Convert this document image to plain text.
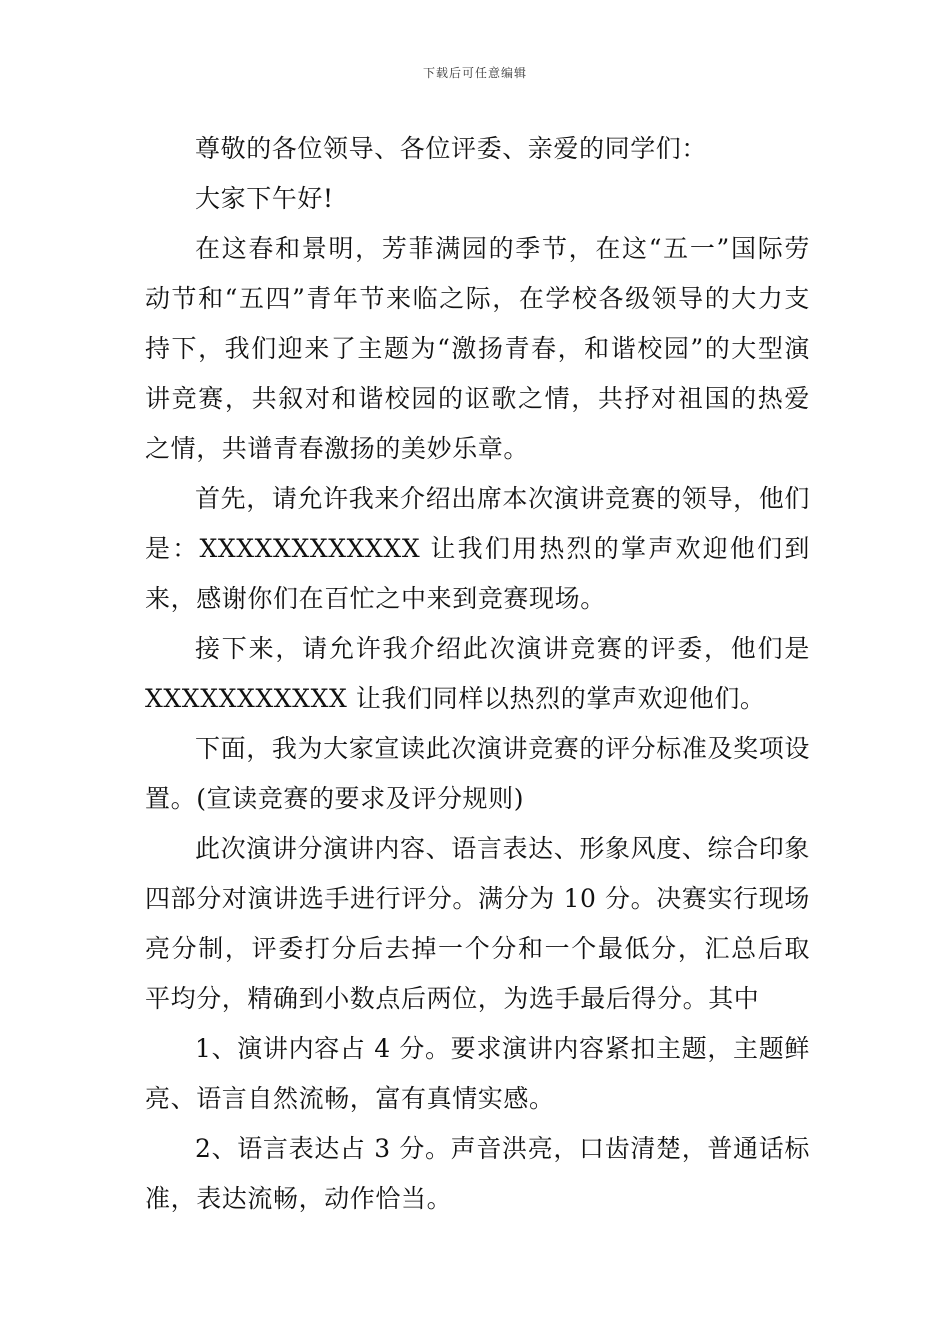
下载后可任意编辑

尊敬的各位领导、各位评委、亲爱的同学们：

大家下午好!

在这春和景明，芳菲满园的季节，在这“五一”国际劳动节和“五四”青年节来临之际，在学校各级领导的大力支持下，我们迎来了主题为“激扬青春，和谐校园”的大型演讲竞赛，共叙对和谐校园的讴歌之情，共抒对祖国的热爱之情，共谱青春激扬的美妙乐章。

首先，请允许我来介绍出席本次演讲竞赛的领导，他们是：XXXXXXXXXXXX 让我们用热烈的掌声欢迎他们到来，感谢你们在百忙之中来到竞赛现场。

接下来，请允许我介绍此次演讲竞赛的评委，他们是 XXXXXXXXXXX 让我们同样以热烈的掌声欢迎他们。

下面，我为大家宣读此次演讲竞赛的评分标准及奖项设置。(宣读竞赛的要求及评分规则)

此次演讲分演讲内容、语言表达、形象风度、综合印象四部分对演讲选手进行评分。满分为 10 分。决赛实行现场亮分制，评委打分后去掉一个分和一个最低分，汇总后取平均分，精确到小数点后两位，为选手最后得分。其中

1、演讲内容占 4 分。要求演讲内容紧扣主题，主题鲜亮、语言自然流畅，富有真情实感。

2、语言表达占 3 分。声音洪亮，口齿清楚，普通话标准，表达流畅，动作恰当。
